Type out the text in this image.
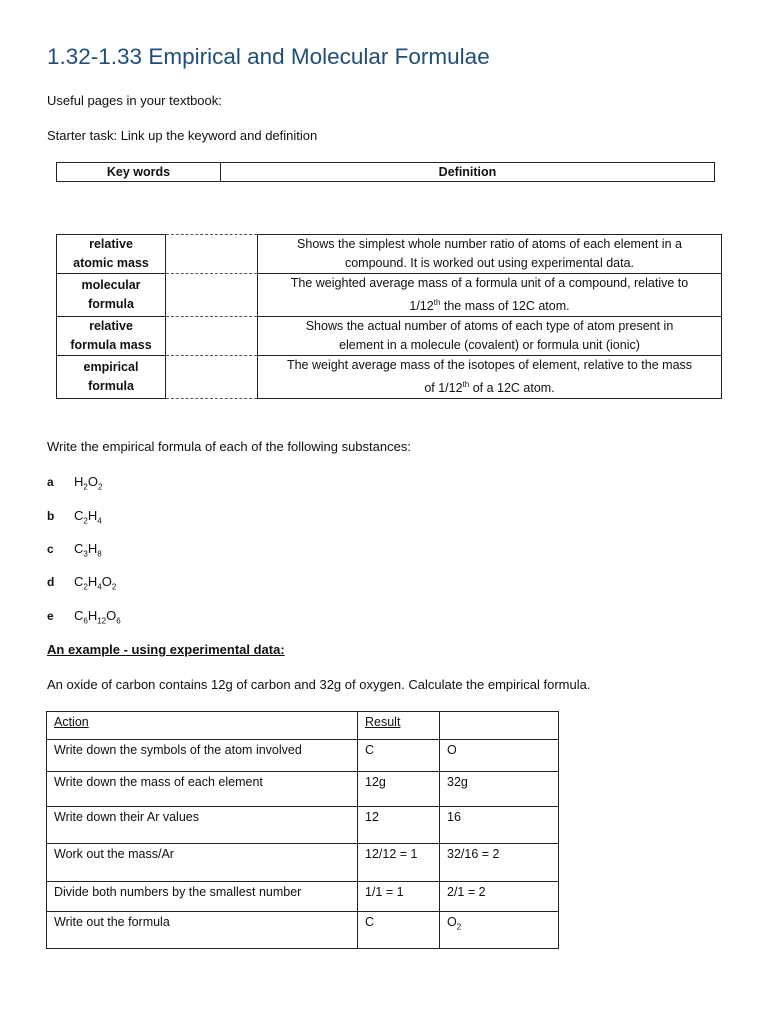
1.32-1.33 Empirical and Molecular Formulae
Useful pages in your textbook:
Starter task: Link up the keyword and definition
Key words	Definition
relative
atomic mass		Shows the simplest whole number ratio of atoms of each element in a
compound. It is worked out using experimental data.
molecular
formula		The weighted average mass of a formula unit of a compound, relative to
1/12th the mass of 12C atom.
relative
formula mass		Shows the actual number of atoms of each type of atom present in
element in a molecule (covalent) or formula unit (ionic)
empirical
formula		The weight average mass of the isotopes of element, relative to the mass
of 1/12th of a 12C atom.
Write the empirical formula of each of the following substances:
a $H_2O_2$
b $C_2H_4$
c $C_3H_8$
d $C_2H_4O_2$
e $C_6H_{12}O_6$
An example - using experimental data:
An oxide of carbon contains 12g of carbon and 32g of oxygen. Calculate the empirical formula.
Action	Result	
Write down the symbols of the atom involved	C	O
Write down the mass of each element	12g	32g
Write down their Ar values	12	16
Work out the mass/Ar	12/12 = 1	32/16 = 2
Divide both numbers by the smallest number	1/1 = 1	2/1 = 2
Write out the formula	C	$O_2$
